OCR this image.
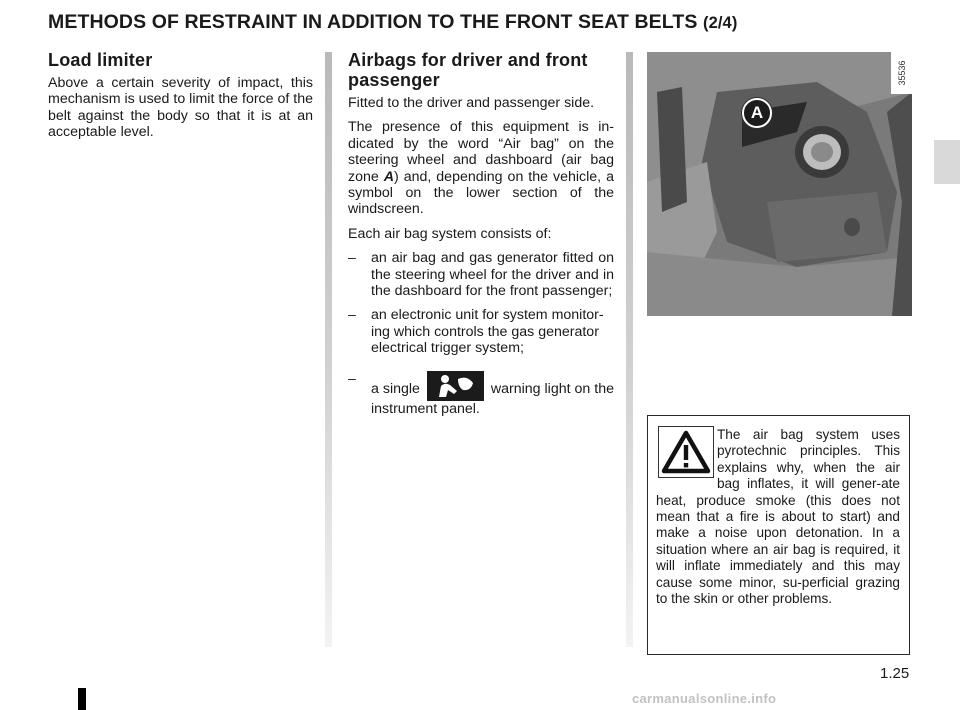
METHODS OF RESTRAINT IN ADDITION TO THE FRONT SEAT BELTS (2/4)
Load limiter

Above a certain severity of impact, this mechanism is used to limit the force of the belt against the body so that it is at an acceptable level.

Airbags for driver and front passenger

Fitted to the driver and passenger side.

The presence of this equipment is in-dicated by the word “Air bag” on the steering wheel and dashboard (air bag zone A) and, depending on the vehicle, a symbol on the lower section of the windscreen.

Each air bag system consists of:

– an air bag and gas generator fitted on the steering wheel for the driver and in the dashboard for the front passenger;
– an electronic unit for system monitor-ing which controls the gas generator electrical trigger system;
–
a single	warning light on the instrument panel.
35536
A
The air bag system uses pyrotechnic principles. This explains why, when the air bag inflates, it will gener-ate heat, produce smoke (this does not mean that a fire is about to start) and make a noise upon detonation. In a situation where an air bag is required, it will inflate immediately and this may cause some minor, su-perficial grazing to the skin or other problems.
1.25
carmanualsonline.info
